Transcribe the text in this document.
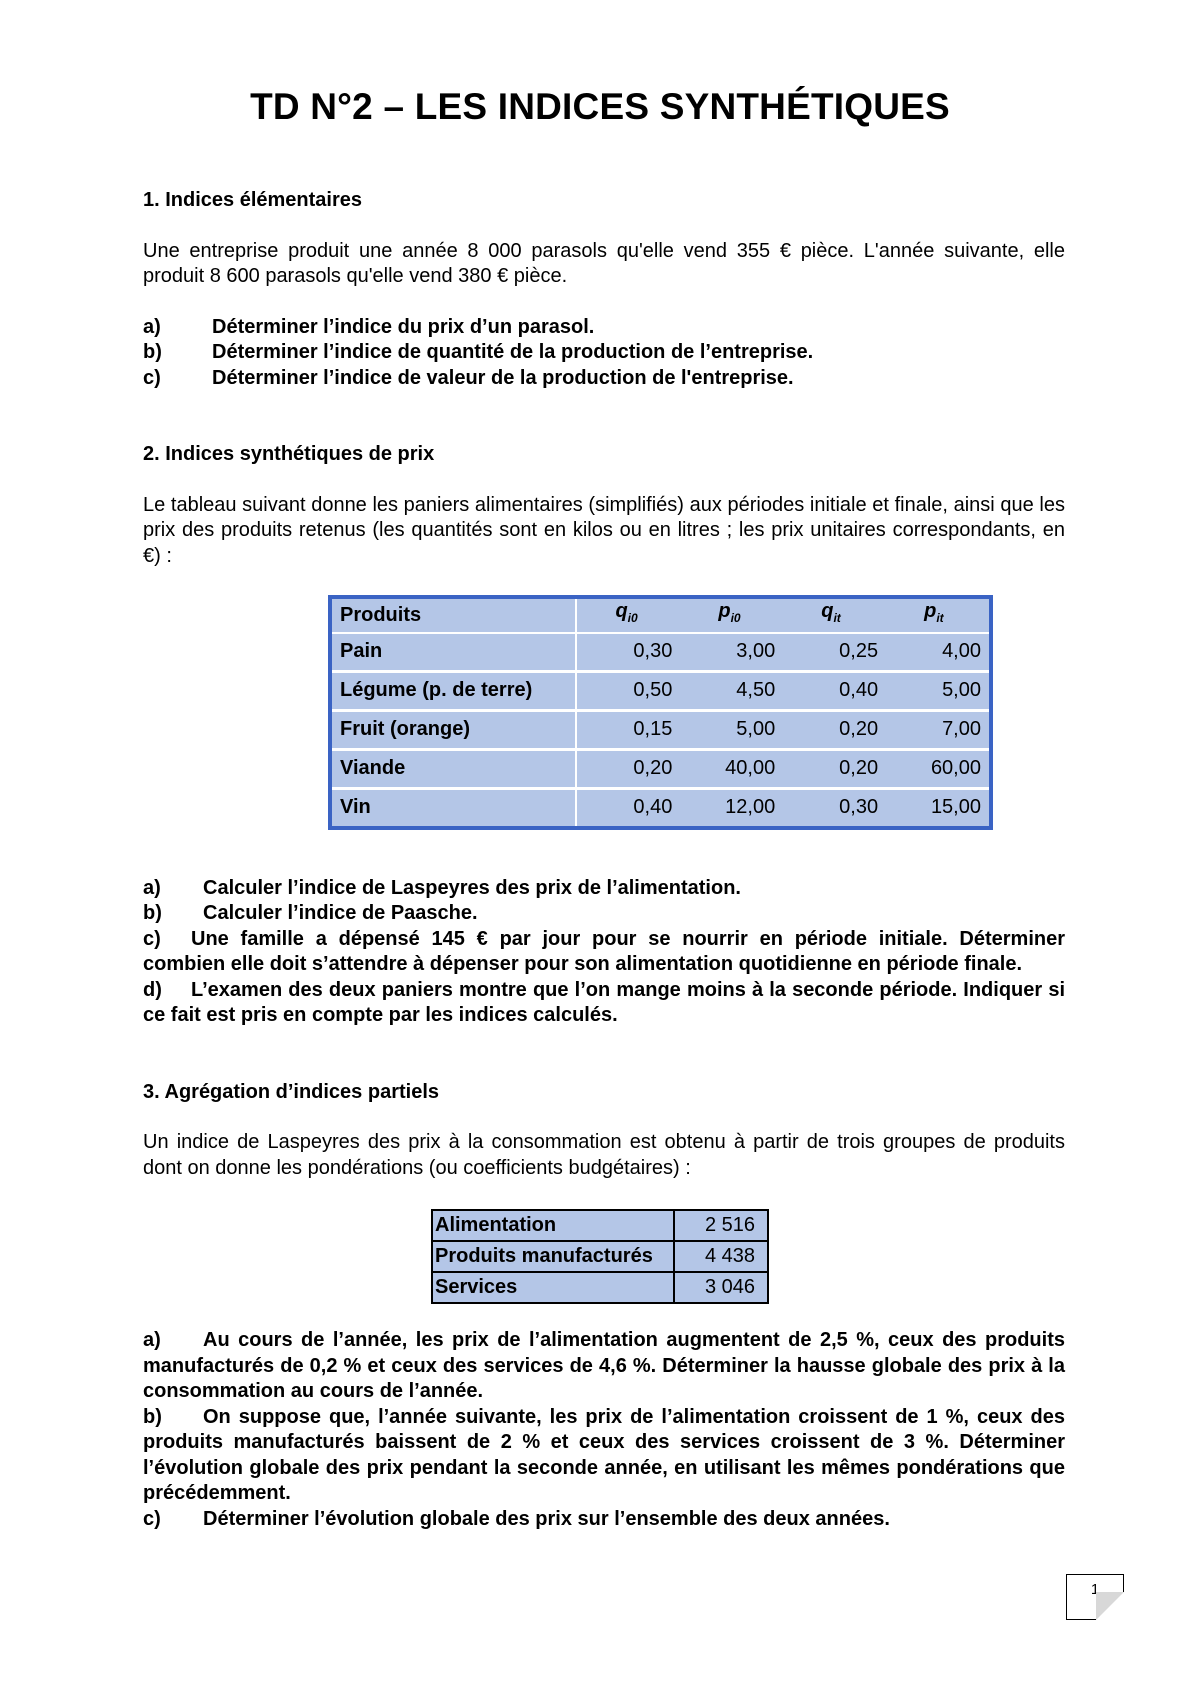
TD N°2 – LES INDICES SYNTHÉTIQUES

1. Indices élémentaires

Une entreprise produit une année 8 000 parasols qu'elle vend 355 € pièce. L'année suivante, elle produit 8 600 parasols qu'elle vend 380 € pièce.

a)	Déterminer l’indice du prix d’un parasol.
b)	Déterminer l’indice de quantité de la production de l’entreprise.
c)	Déterminer l’indice de valeur de la production de l'entreprise.

2. Indices synthétiques de prix

Le tableau suivant donne les paniers alimentaires (simplifiés) aux périodes initiale et finale, ainsi que les prix des produits retenus (les quantités sont en kilos ou en litres ; les prix unitaires correspondants, en €) :

Produits	$q_{i0}$	$p_{i0}$	$q_{it}$	$p_{it}$
Pain	0,30	3,00	0,25	4,00
Légume (p. de terre)	0,50	4,50	0,40	5,00
Fruit (orange)	0,15	5,00	0,20	7,00
Viande	0,20	40,00	0,20	60,00
Vin	0,40	12,00	0,30	15,00

a) Calculer l’indice de Laspeyres des prix de l’alimentation.

b) Calculer l’indice de Paasche.

c) Une famille a dépensé 145 € par jour pour se nourrir en période initiale. Déterminer combien elle doit s’attendre à dépenser pour son alimentation quotidienne en période finale.

d) L’examen des deux paniers montre que l’on mange moins à la seconde période. Indiquer si ce fait est pris en compte par les indices calculés.

3. Agrégation d’indices partiels

Un indice de Laspeyres des prix à la consommation est obtenu à partir de trois groupes de produits dont on donne les pondérations (ou coefficients budgétaires) :

Alimentation	2 516
Produits manufacturés	4 438
Services	3 046

a) Au cours de l’année, les prix de l’alimentation augmentent de 2,5 %, ceux des produits manufacturés de 0,2 % et ceux des services de 4,6 %. Déterminer la hausse globale des prix à la consommation au cours de l’année.

b) On suppose que, l’année suivante, les prix de l’alimentation croissent de 1 %, ceux des produits manufacturés baissent de 2 % et ceux des services croissent de 3 %. Déterminer l’évolution globale des prix pendant la seconde année, en utilisant les mêmes pondérations que précédemment.

c) Déterminer l’évolution globale des prix sur l’ensemble des deux années.

1
